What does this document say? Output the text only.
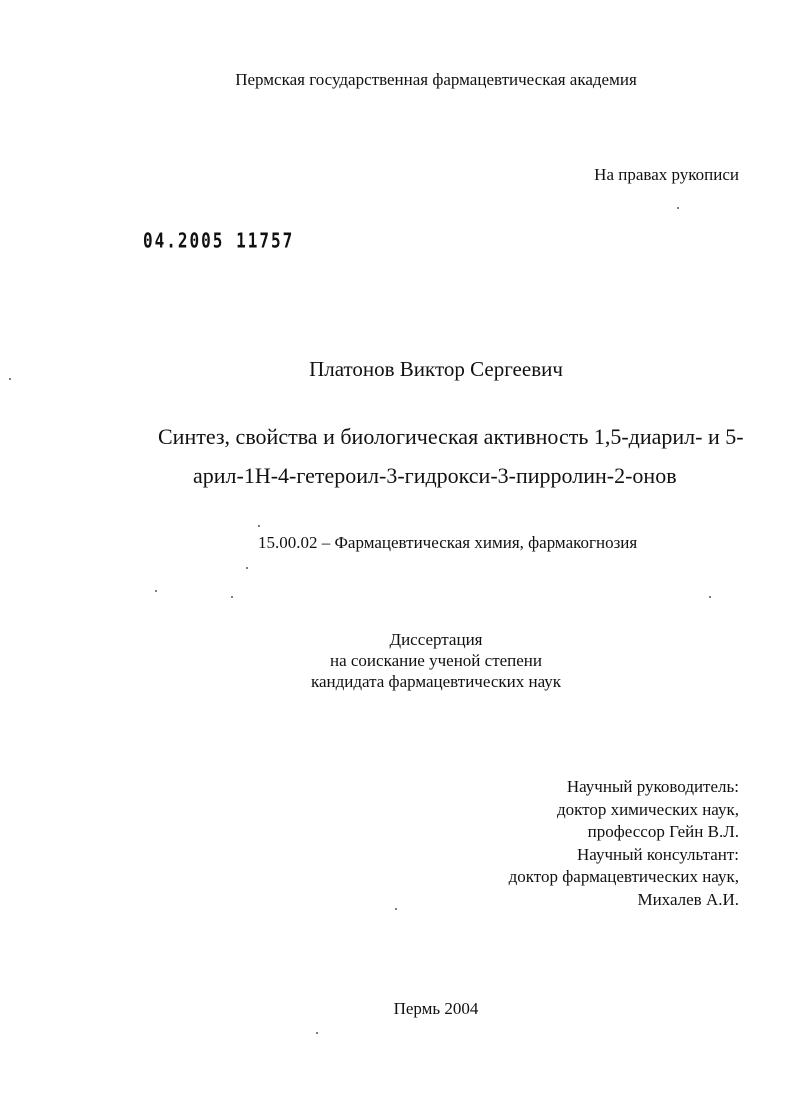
Пермская государственная фармацевтическая академия
На правах рукописи
04.2005 11757
Платонов Виктор Сергеевич
Синтез, свойства и биологическая активность 1,5-диарил- и 5-
арил-1Н-4-гетероил-3-гидрокси-3-пирролин-2-онов
15.00.02 – Фармацевтическая химия, фармакогнозия
Диссертация
на соискание ученой степени
кандидата фармацевтических наук
Научный руководитель:
доктор химических наук,
профессор Гейн В.Л.
Научный консультант:
доктор фармацевтических наук,
Михалев А.И.
Пермь 2004
